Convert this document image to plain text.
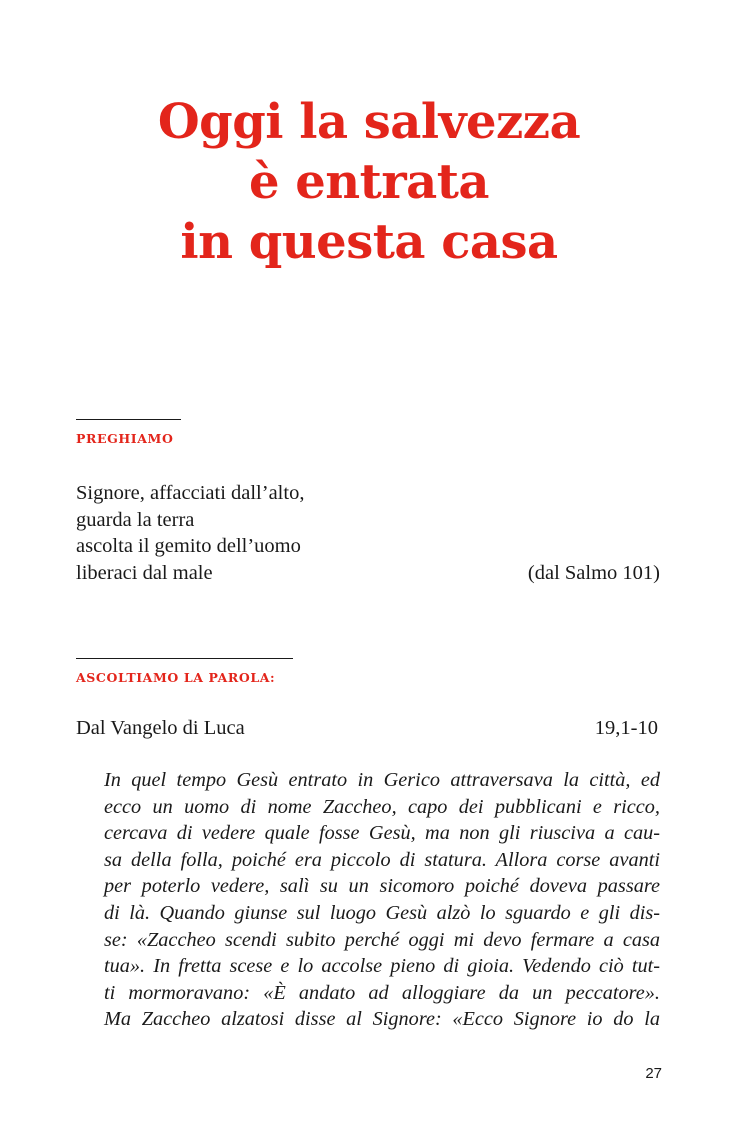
Oggi la salvezza
è entrata
in questa casa
PREGHIAMO
Signore, affacciati dall’alto,
guarda la terra
ascolta il gemito dell’uomo
liberaci dal male	(dal Salmo 101)
ASCOLTIAMO LA PAROLA:
Dal Vangelo di Luca	19,1-10
In quel tempo Gesù entrato in Gerico attraversava la città, ed
ecco un uomo di nome Zaccheo, capo dei pubblicani e ricco,
cercava di vedere quale fosse Gesù, ma non gli riusciva a cau-
sa della folla, poiché era piccolo di statura. Allora corse avanti
per poterlo vedere, salì su un sicomoro poiché doveva passare
di là. Quando giunse sul luogo Gesù alzò lo sguardo e gli dis-
se: «Zaccheo scendi subito perché oggi mi devo fermare a casa
tua». In fretta scese e lo accolse pieno di gioia. Vedendo ciò tut-
ti mormoravano: «È andato ad alloggiare da un peccatore».
Ma Zaccheo alzatosi disse al Signore: «Ecco Signore io do la
27
